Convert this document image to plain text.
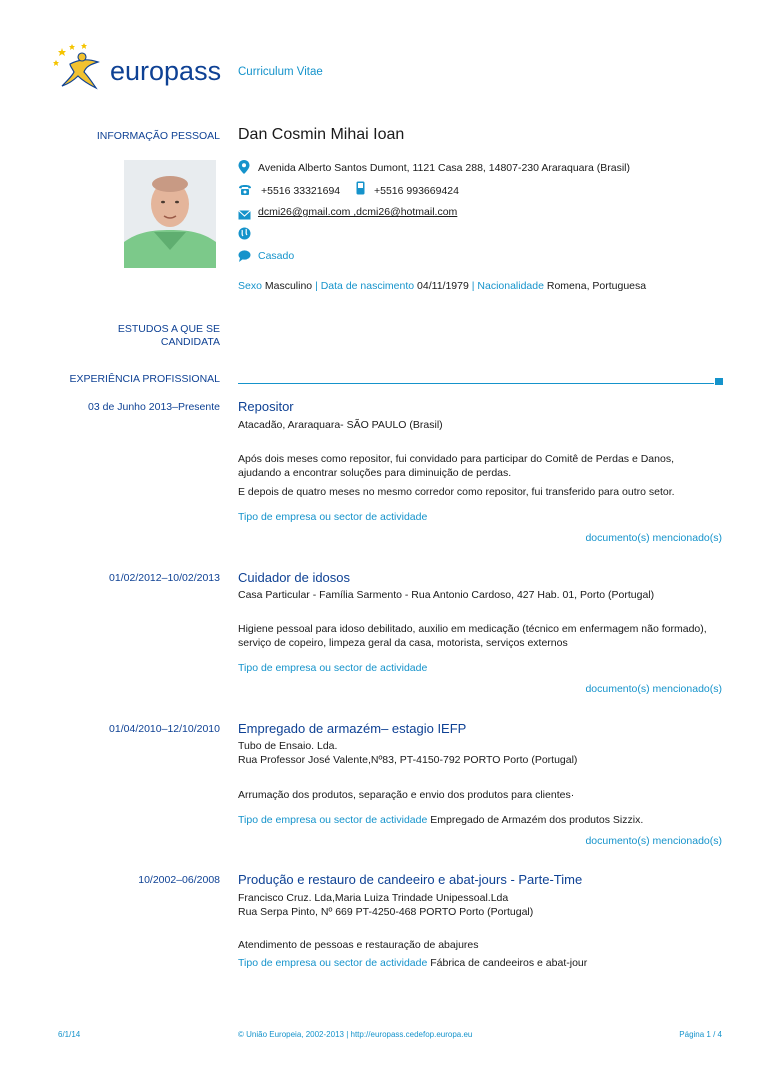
europass Curriculum Vitae
INFORMAÇÃO PESSOAL Dan Cosmin Mihai Ioan
Avenida Alberto Santos Dumont, 1121 Casa 288, 14807-230 Araraquara (Brasil)
+5516 33321694	+5516 993669424
dcmi26@gmail.com ,dcmi26@hotmail.com
Casado
Sexo Masculino | Data de nascimento 04/11/1979 | Nacionalidade Romena, Portuguesa
ESTUDOS A QUE SE CANDIDATA
EXPERIÊNCIA PROFISSIONAL
03 de Junho 2013–Presente Repositor
Atacadão, Araraquara- SÃO PAULO (Brasil)
Após dois meses como repositor, fui convidado para participar do Comitê de Perdas e Danos, ajudando a encontrar soluções para diminuição de perdas.
E depois de quatro meses no mesmo corredor como repositor, fui transferido para outro setor.
Tipo de empresa ou sector de actividade
documento(s) mencionado(s)
01/02/2012–10/02/2013 Cuidador de idosos
Casa Particular - Família Sarmento - Rua Antonio Cardoso, 427 Hab. 01, Porto (Portugal)
Higiene pessoal para idoso debilitado, auxilio em medicação (técnico em enfermagem não formado), serviço de copeiro, limpeza geral da casa, motorista, serviços externos
Tipo de empresa ou sector de actividade
documento(s) mencionado(s)
01/04/2010–12/10/2010 Empregado de armazém– estagio IEFP
Tubo de Ensaio. Lda.
Rua Professor José Valente,Nº83, PT-4150-792 PORTO Porto (Portugal)
Arrumação dos produtos, separação e envio dos produtos para clientes·
Tipo de empresa ou sector de actividade Empregado de Armazém dos produtos Sizzix.
documento(s) mencionado(s)
10/2002–06/2008 Produção e restauro de candeeiro e abat-jours - Parte-Time
Francisco Cruz. Lda,Maria Luiza Trindade Unipessoal.Lda
Rua Serpa Pinto, Nº 669 PT-4250-468 PORTO Porto (Portugal)
Atendimento de pessoas e restauração de abajures
Tipo de empresa ou sector de actividade Fábrica de candeeiros e abat-jour
6/1/14	© União Europeia, 2002-2013 | http://europass.cedefop.europa.eu	Página 1 / 4
